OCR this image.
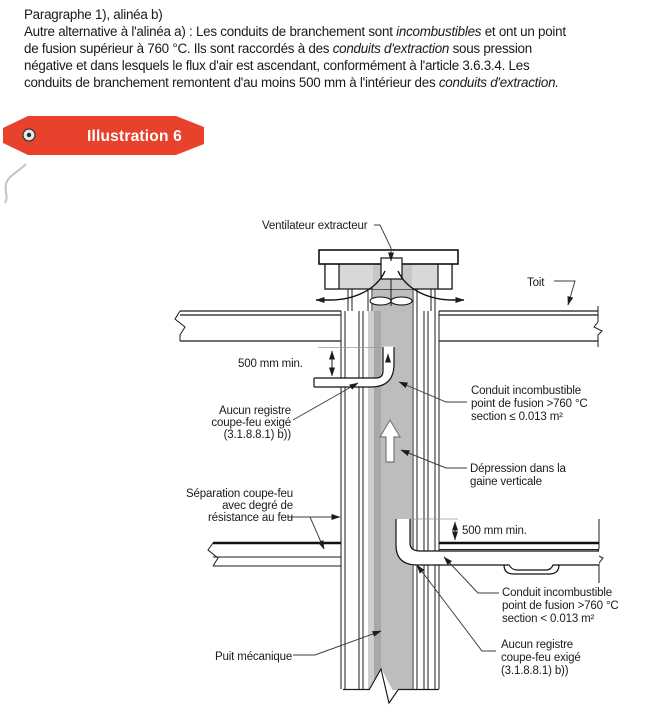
Paragraphe 1), alinéa b)
Autre alternative à l'alinéa a) : Les conduits de branchement sont incombustibles et ont un point
de fusion supérieur à 760 °C. Ils sont raccordés à des conduits d'extraction sous pression
négative et dans lesquels le flux d'air est ascendant, conformément à l'article 3.6.3.4. Les
conduits de branchement remontent d'au moins 500 mm à l'intérieur des conduits d'extraction.
Illustration 6
Ventilateur extracteur
Toit
500 mm min.
Aucun registre
coupe-feu exigé
(3.1.8.8.1) b))
Conduit incombustible
point de fusion >760 °C
section ≤ 0.013 m²
Dépression dans la
gaine verticale
Séparation coupe-feu
avec degré de
résistance au feu
500 mm min.
Conduit incombustible
point de fusion >760 °C
section < 0.013 m²
Aucun registre
coupe-feu exigé
(3.1.8.8.1) b))
Puit mécanique
